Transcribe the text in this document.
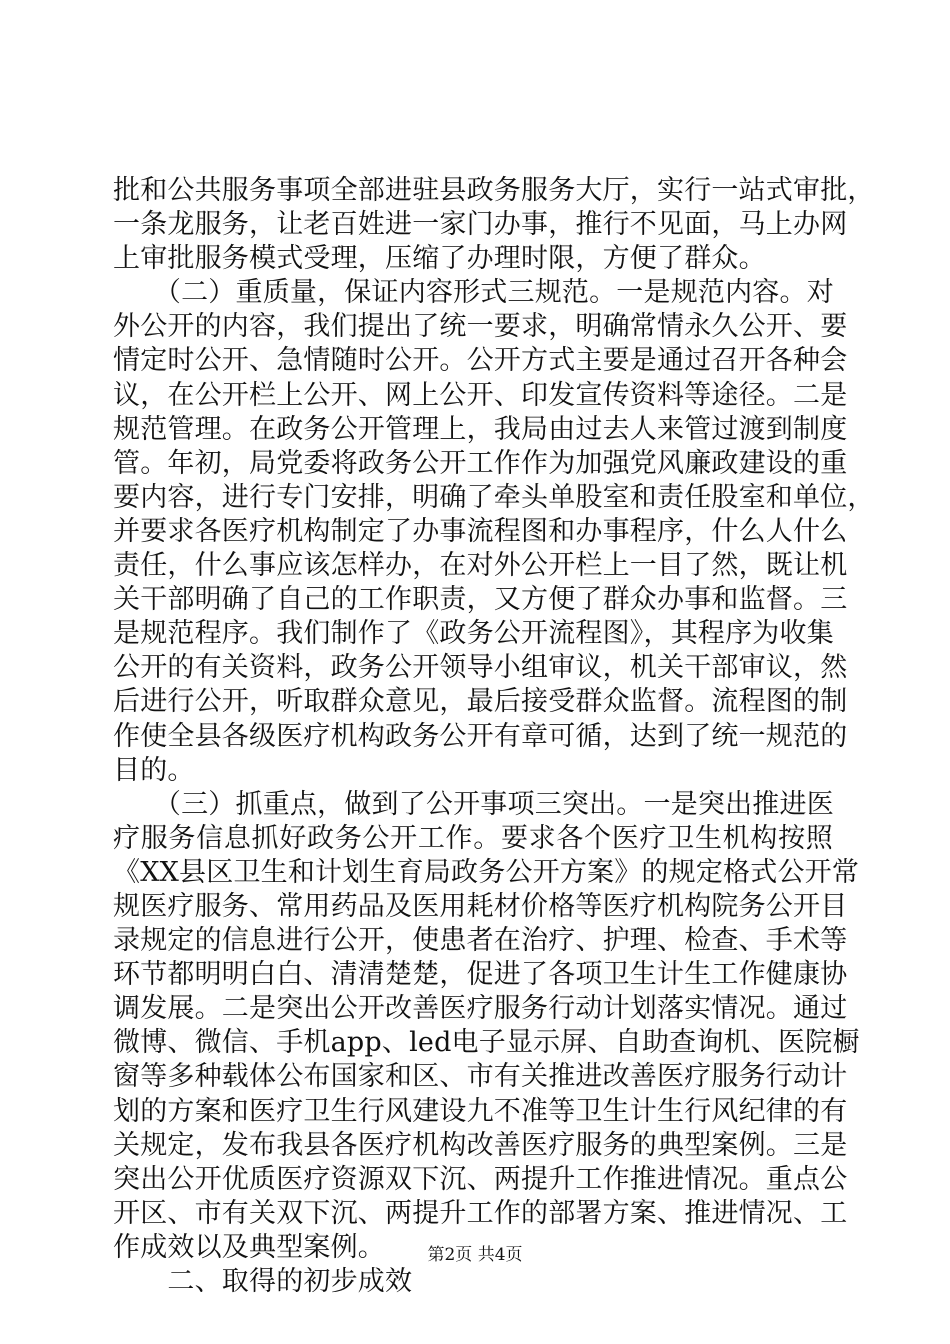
批和公共服务事项全部进驻县政务服务大厅，实行一站式审批，
一条龙服务，让老百姓进一家门办事，推行不见面，马上办网
上审批服务模式受理，压缩了办理时限，方便了群众。
　　（二）重质量，保证内容形式三规范。一是规范内容。对
外公开的内容，我们提出了统一要求，明确常情永久公开、要
情定时公开、急情随时公开。公开方式主要是通过召开各种会
议，在公开栏上公开、网上公开、印发宣传资料等途径。二是
规范管理。在政务公开管理上，我局由过去人来管过渡到制度
管。年初，局党委将政务公开工作作为加强党风廉政建设的重
要内容，进行专门安排，明确了牵头单股室和责任股室和单位，
并要求各医疗机构制定了办事流程图和办事程序，什么人什么
责任，什么事应该怎样办，在对外公开栏上一目了然，既让机
关干部明确了自己的工作职责，又方便了群众办事和监督。三
是规范程序。我们制作了《政务公开流程图》，其程序为收集
公开的有关资料，政务公开领导小组审议，机关干部审议，然
后进行公开，听取群众意见，最后接受群众监督。流程图的制
作使全县各级医疗机构政务公开有章可循，达到了统一规范的
目的。
　　（三）抓重点，做到了公开事项三突出。一是突出推进医
疗服务信息抓好政务公开工作。要求各个医疗卫生机构按照
《XX县区卫生和计划生育局政务公开方案》的规定格式公开常
规医疗服务、常用药品及医用耗材价格等医疗机构院务公开目
录规定的信息进行公开，使患者在治疗、护理、检查、手术等
环节都明明白白、清清楚楚，促进了各项卫生计生工作健康协
调发展。二是突出公开改善医疗服务行动计划落实情况。通过
微博、微信、手机app、led电子显示屏、自助查询机、医院橱
窗等多种载体公布国家和区、市有关推进改善医疗服务行动计
划的方案和医疗卫生行风建设九不准等卫生计生行风纪律的有
关规定，发布我县各医疗机构改善医疗服务的典型案例。三是
突出公开优质医疗资源双下沉、两提升工作推进情况。重点公
开区、市有关双下沉、两提升工作的部署方案、推进情况、工
作成效以及典型案例。
　　二、取得的初步成效
第2页 共4页
